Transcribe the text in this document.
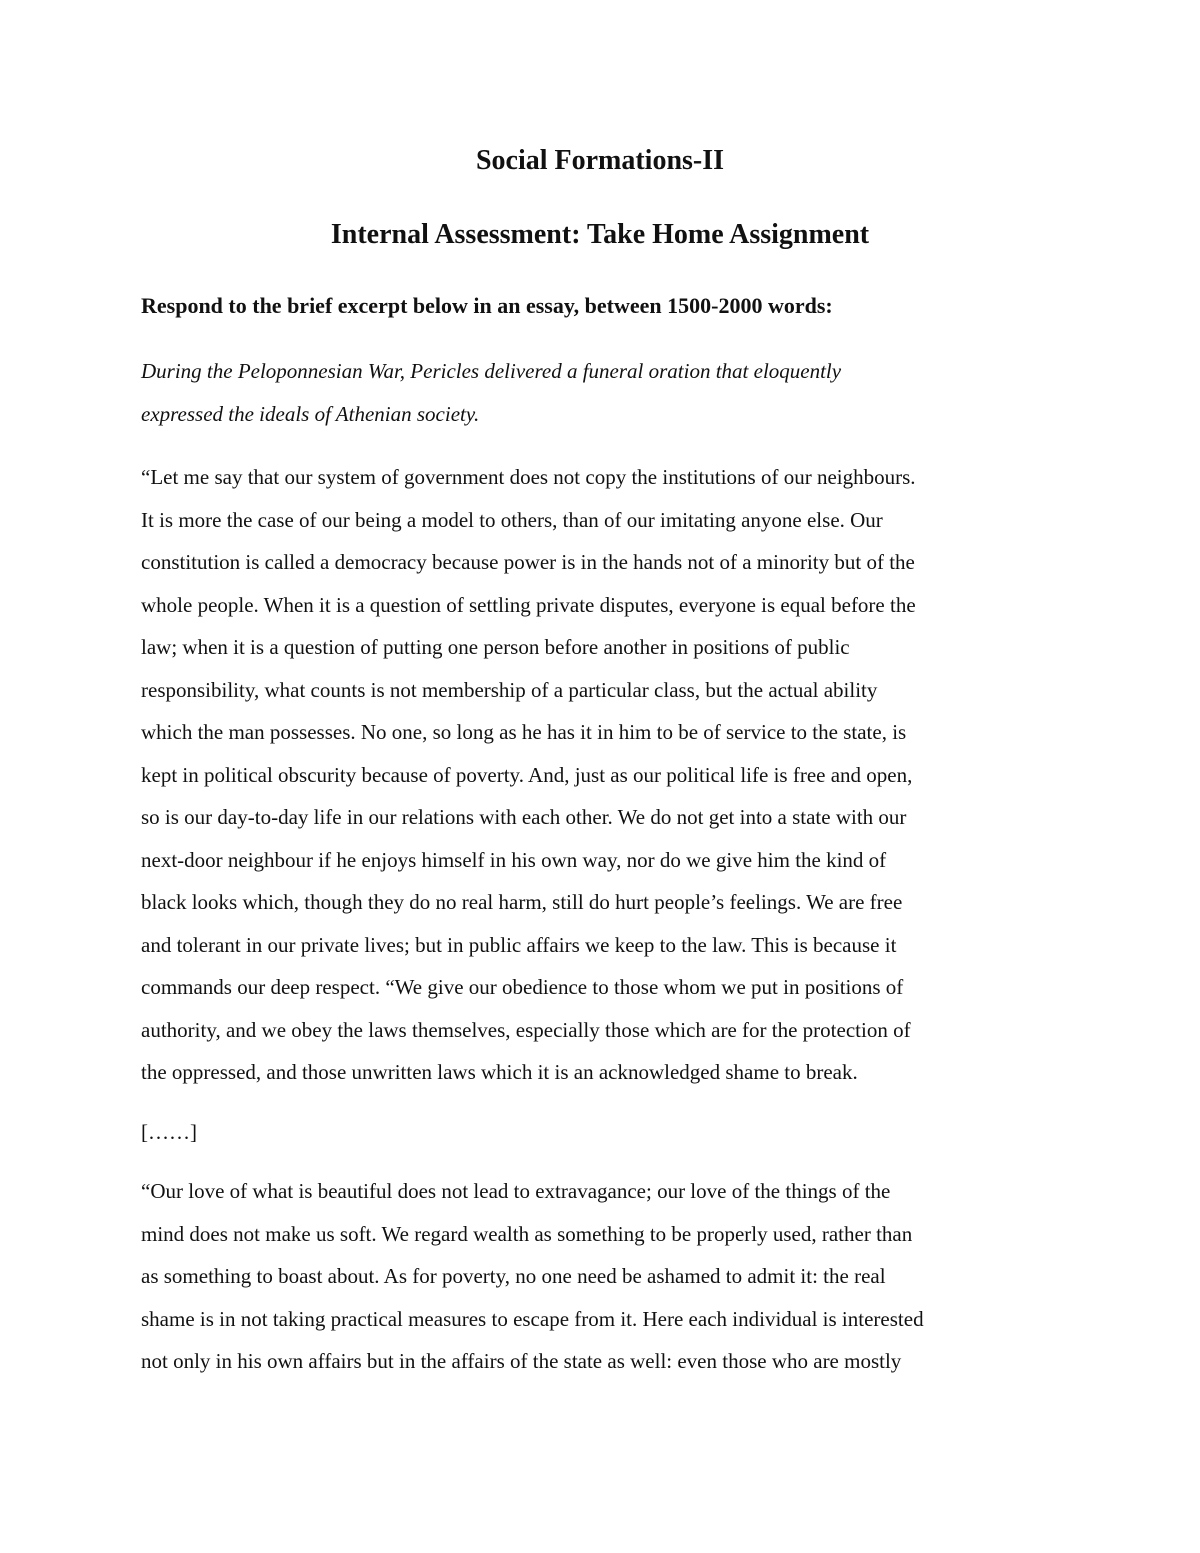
Social Formations-II
Internal Assessment: Take Home Assignment

Respond to the brief excerpt below in an essay, between 1500-2000 words:

During the Peloponnesian War, Pericles delivered a funeral oration that eloquently
expressed the ideals of Athenian society.

“Let me say that our system of government does not copy the institutions of our neighbours.
It is more the case of our being a model to others, than of our imitating anyone else. Our
constitution is called a democracy because power is in the hands not of a minority but of the
whole people. When it is a question of settling private disputes, everyone is equal before the
law; when it is a question of putting one person before another in positions of public
responsibility, what counts is not membership of a particular class, but the actual ability
which the man possesses. No one, so long as he has it in him to be of service to the state, is
kept in political obscurity because of poverty. And, just as our political life is free and open,
so is our day-to-day life in our relations with each other. We do not get into a state with our
next-door neighbour if he enjoys himself in his own way, nor do we give him the kind of
black looks which, though they do no real harm, still do hurt people’s feelings. We are free
and tolerant in our private lives; but in public affairs we keep to the law. This is because it
commands our deep respect. “We give our obedience to those whom we put in positions of
authority, and we obey the laws themselves, especially those which are for the protection of
the oppressed, and those unwritten laws which it is an acknowledged shame to break.

[……]

“Our love of what is beautiful does not lead to extravagance; our love of the things of the
mind does not make us soft. We regard wealth as something to be properly used, rather than
as something to boast about. As for poverty, no one need be ashamed to admit it: the real
shame is in not taking practical measures to escape from it. Here each individual is interested
not only in his own affairs but in the affairs of the state as well: even those who are mostly
